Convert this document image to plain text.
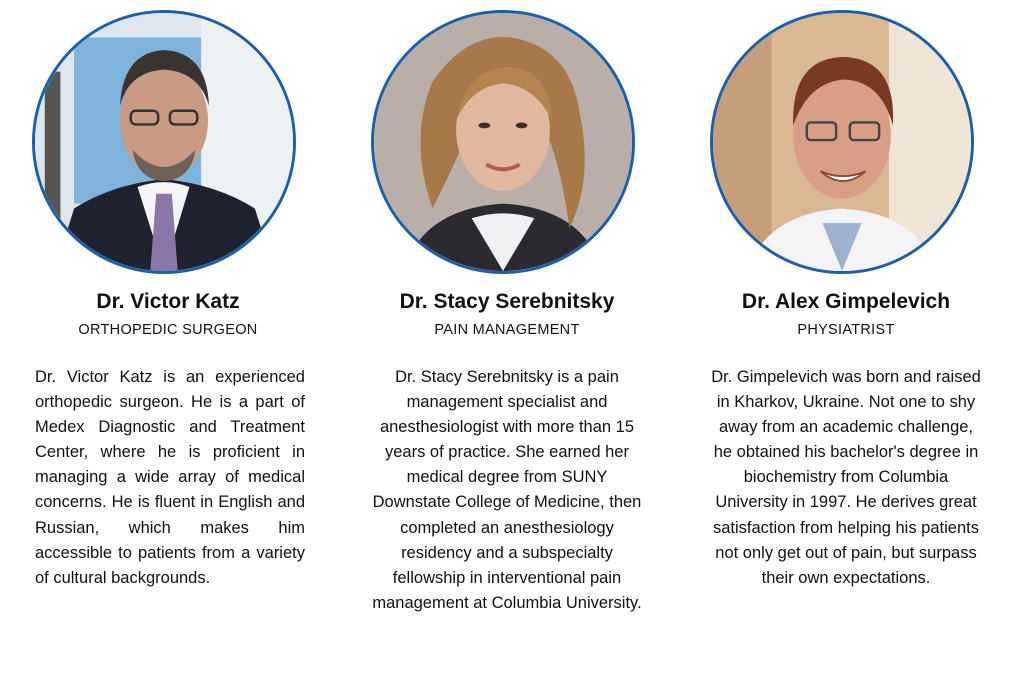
Dr. Victor Katz
ORTHOPEDIC SURGEON
Dr. Victor Katz is an experienced orthopedic surgeon. He is a part of Medex Diagnostic and Treatment Center, where he is proficient in managing a wide array of medical concerns. He is fluent in English and Russian, which makes him accessible to patients from a variety of cultural backgrounds.
Dr. Stacy Serebnitsky
PAIN MANAGEMENT
Dr. Stacy Serebnitsky is a pain management specialist and anesthesiologist with more than 15 years of practice. She earned her medical degree from SUNY Downstate College of Medicine, then completed an anesthesiology residency and a subspecialty fellowship in interventional pain management at Columbia University.
Dr. Alex Gimpelevich
PHYSIATRIST
Dr. Gimpelevich was born and raised in Kharkov, Ukraine. Not one to shy away from an academic challenge, he obtained his bachelor's degree in biochemistry from Columbia University in 1997. He derives great satisfaction from helping his patients not only get out of pain, but surpass their own expectations.
